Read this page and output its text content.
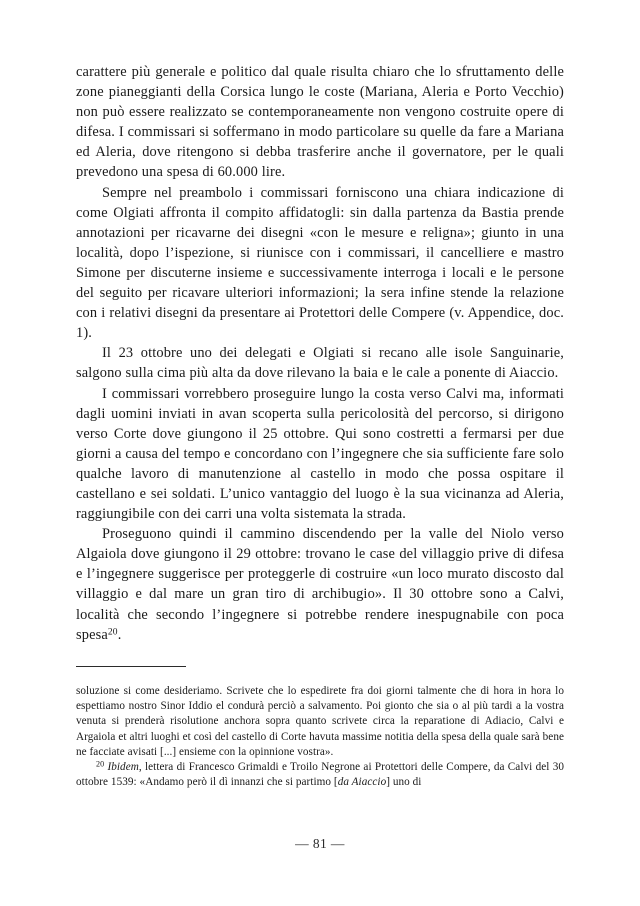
carattere più generale e politico dal quale risulta chiaro che lo sfruttamento delle zone pianeggianti della Corsica lungo le coste (Mariana, Aleria e Porto Vecchio) non può essere realizzato se contemporaneamente non vengono costruite opere di difesa. I commissari si soffermano in modo particolare su quelle da fare a Mariana ed Aleria, dove ritengono si debba trasferire anche il governatore, per le quali prevedono una spesa di 60.000 lire.

Sempre nel preambolo i commissari forniscono una chiara indicazione di come Olgiati affronta il compito affidatogli: sin dalla partenza da Bastia prende annotazioni per ricavarne dei disegni «con le mesure e religna»; giunto in una località, dopo l’ispezione, si riunisce con i commissari, il cancelliere e mastro Simone per discuterne insieme e successivamente interroga i locali e le persone del seguito per ricavare ulteriori informazioni; la sera infine stende la relazione con i relativi disegni da presentare ai Protettori delle Compere (v. Appendice, doc. 1).

Il 23 ottobre uno dei delegati e Olgiati si recano alle isole Sanguinarie, salgono sulla cima più alta da dove rilevano la baia e le cale a ponente di Aiaccio.

I commissari vorrebbero proseguire lungo la costa verso Calvi ma, informati dagli uomini inviati in avan scoperta sulla pericolosità del percorso, si dirigono verso Corte dove giungono il 25 ottobre. Qui sono costretti a fermarsi per due giorni a causa del tempo e concordano con l’ingegnere che sia sufficiente fare solo qualche lavoro di manutenzione al castello in modo che possa ospitare il castellano e sei soldati. L’unico vantaggio del luogo è la sua vicinanza ad Aleria, raggiungibile con dei carri una volta sistemata la strada.

Proseguono quindi il cammino discendendo per la valle del Niolo verso Algaiola dove giungono il 29 ottobre: trovano le case del villaggio prive di difesa e l’ingegnere suggerisce per proteggerle di costruire «un loco murato discosto dal villaggio e dal mare un gran tiro di archibugio». Il 30 ottobre sono a Calvi, località che secondo l’ingegnere si potrebbe rendere inespugnabile con poca spesa$^{20}$.

soluzione si come desideriamo. Scrivete che lo espedirete fra doi giorni talmente che di hora in hora lo espettiamo nostro Sinor Iddio el condurà perciò a salvamento. Poi gionto che sia o al più tardi a la vostra venuta si prenderà risolutione anchora sopra quanto scrivete circa la reparatione di Adiacio, Calvi e Argaiola et altri luoghi et così del castello di Corte havuta massime notitia della spesa della quale sarà bene ne facciate avisati [...] ensieme con la opinnione vostra».

$^{20}$ Ibidem, lettera di Francesco Grimaldi e Troilo Negrone ai Protettori delle Compere, da Calvi del 30 ottobre 1539: «Andamo però il dì innanzi che si partimo [da Aiaccio] uno di

— 81 —
